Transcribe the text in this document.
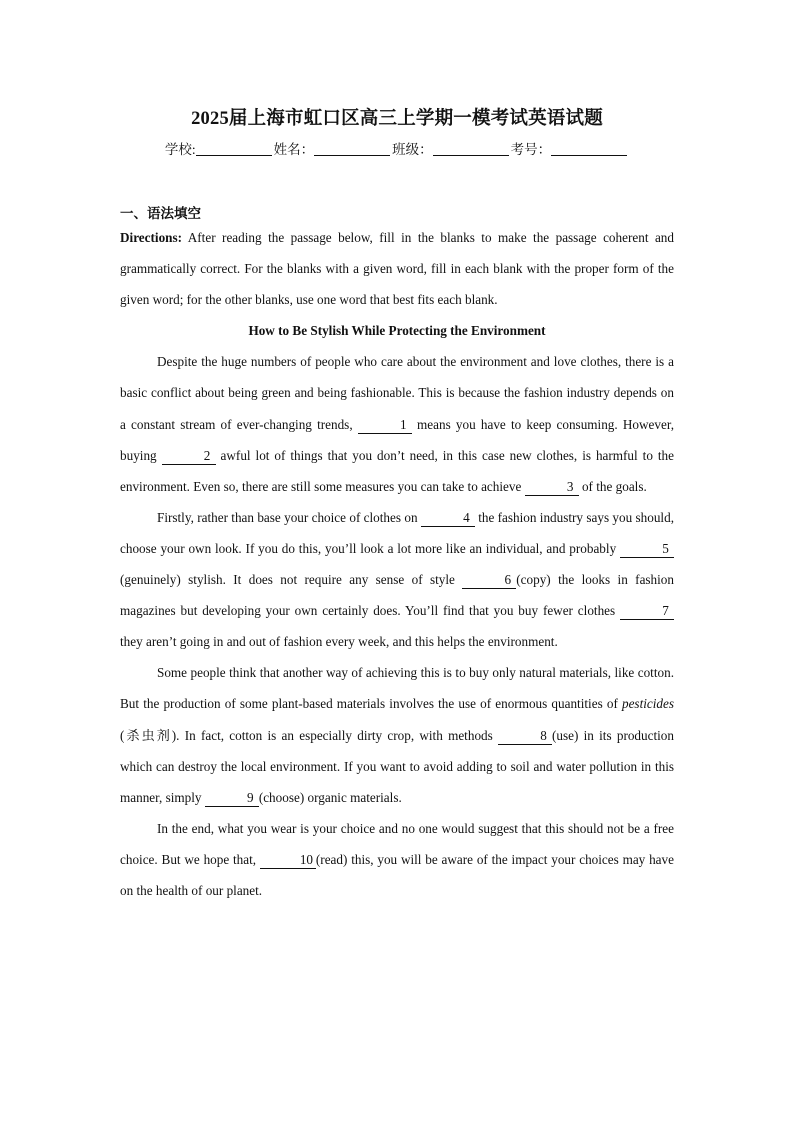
2025届上海市虹口区高三上学期一模考试英语试题
学校:	姓名：	班级：	考号：
一、语法填空

Directions: After reading the passage below, fill in the blanks to make the passage coherent and grammatically correct. For the blanks with a given word, fill in each blank with the proper form of the given word; for the other blanks, use one word that best fits each blank.

How to Be Stylish While Protecting the Environment

Despite the huge numbers of people who care about the environment and love clothes, there is a basic conflict about being green and being fashionable. This is because the fashion industry depends on a constant stream of ever-changing trends,	1 means you have to keep consuming. However, buying	2 awful lot of things that you don’t need, in this case new clothes, is harmful to the environment. Even so, there are still some measures you can take to achieve	3 of the goals.

Firstly, rather than base your choice of clothes on	4 the fashion industry says you should, choose your own look. If you do this, you’ll look a lot more like an individual, and probably	5(genuinely) stylish. It does not require any sense of style	6 (copy) the looks in fashion magazines but developing your own certainly does. You’ll find that you buy fewer clothes	7 they aren’t going in and out of fashion every week, and this helps the environment.

Some people think that another way of achieving this is to buy only natural materials, like cotton. But the production of some plant-based materials involves the use of enormous quantities of pesticides (杀虫剂). In fact, cotton is an especially dirty crop, with methods	8 (use) in its production which can destroy the local environment. If you want to avoid adding to soil and water pollution in this manner, simply	9 (choose) organic materials.

In the end, what you wear is your choice and no one would suggest that this should not be a free choice. But we hope that,	10 (read) this, you will be aware of the impact your choices may have on the health of our planet.
